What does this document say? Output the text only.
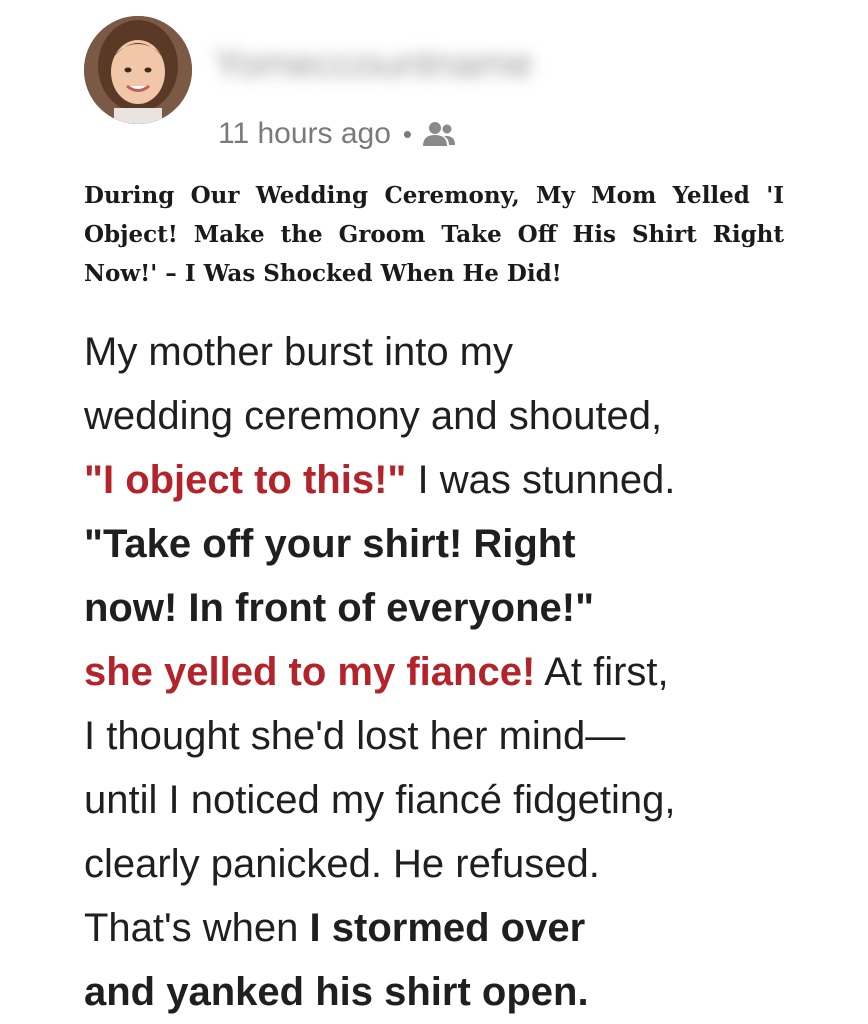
Yomeccountname
11 hours ago •

During Our Wedding Ceremony, My Mom Yelled 'I Object! Make the Groom Take Off His Shirt Right Now!' – I Was Shocked When He Did!

My mother burst into my
wedding ceremony and shouted,
"I object to this!" I was stunned.
"Take off your shirt! Right
now! In front of everyone!"
she yelled to my fiance! At first,
I thought she'd lost her mind—
until I noticed my fiancé fidgeting,
clearly panicked. He refused.
That's when I stormed over
and yanked his shirt open.
